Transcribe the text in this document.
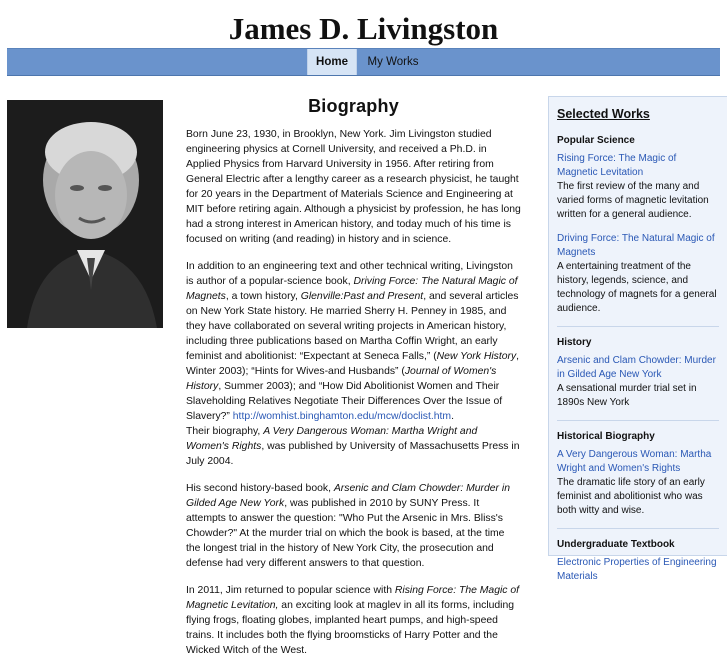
James D. Livingston
Home	My Works
Biography

Born June 23, 1930, in Brooklyn, New York. Jim Livingston studied engineering physics at Cornell University, and received a Ph.D. in Applied Physics from Harvard University in 1956. After retiring from General Electric after a lengthy career as a research physicist, he taught for 20 years in the Department of Materials Science and Engineering at MIT before retiring again. Although a physicist by profession, he has long had a strong interest in American history, and today much of his time is focused on writing (and reading) in history and in science.

In addition to an engineering text and other technical writing, Livingston is author of a popular-science book, Driving Force: The Natural Magic of Magnets, a town history, Glenville:Past and Present, and several articles on New York State history. He married Sherry H. Penney in 1985, and they have collaborated on several writing projects in American history, including three publications based on Martha Coffin Wright, an early feminist and abolitionist: “Expectant at Seneca Falls,” (New York History, Winter 2003); “Hints for Wives-and Husbands” (Journal of Women's History, Summer 2003); and “How Did Abolitionist Women and Their Slaveholding Relatives Negotiate Their Differences Over the Issue of Slavery?” http://womhist.binghamton.edu/mcw/doclist.htm.
Their biography, A Very Dangerous Woman: Martha Wright and Women's Rights, was published by University of Massachusetts Press in July 2004.

His second history-based book, Arsenic and Clam Chowder: Murder in Gilded Age New York, was published in 2010 by SUNY Press. It attempts to answer the question: "Who Put the Arsenic in Mrs. Bliss's Chowder?" At the murder trial on which the book is based, at the time the longest trial in the history of New York City, the prosecution and defense had very different answers to that question.

In 2011, Jim returned to popular science with Rising Force: The Magic of Magnetic Levitation, an exciting look at maglev in all its forms, including flying frogs, floating globes, implanted heart pumps, and high-speed trains. It includes both the flying broomsticks of Harry Potter and the Wicked Witch of the West.

Selected Works
Popular Science
Rising Force: The Magic of Magnetic Levitation
The first review of the many and varied forms of magnetic levitation written for a general audience.
Driving Force: The Natural Magic of Magnets
A entertaining treatment of the history, legends, science, and technology of magnets for a general audience.
History
Arsenic and Clam Chowder: Murder in Gilded Age New York
A sensational murder trial set in 1890s New York
Historical Biography
A Very Dangerous Woman: Martha Wright and Women's Rights
The dramatic life story of an early feminist and abolitionist who was both witty and wise.
Undergraduate Textbook
Electronic Properties of Engineering Materials
